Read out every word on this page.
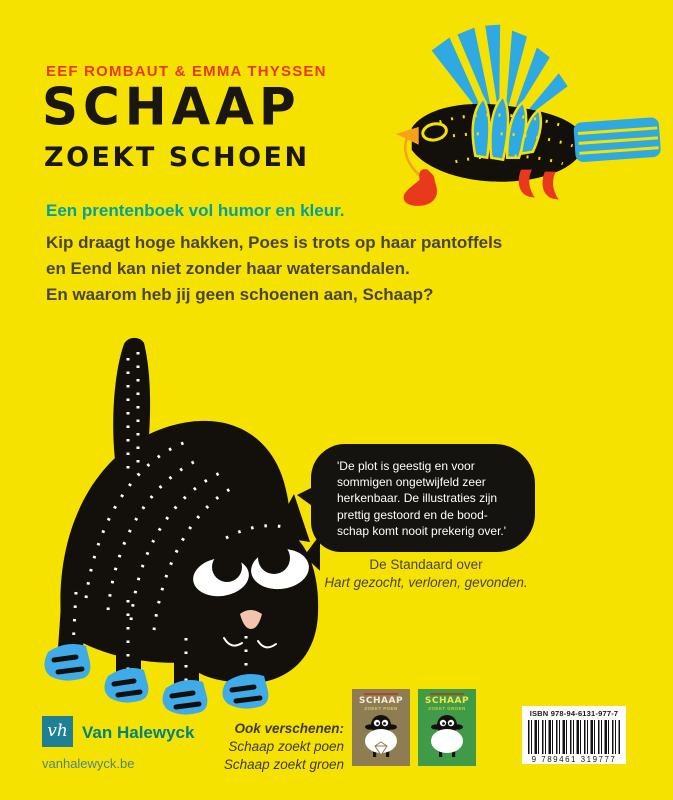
EEF ROMBAUT & EMMA THYSSEN
SCHAAP
ZOEKT SCHOEN
Een prentenboek vol humor en kleur.
Kip draagt hoge hakken, Poes is trots op haar pantoffels
en Eend kan niet zonder haar watersandalen.
En waarom heb jij geen schoenen aan, Schaap?
'De plot is geestig en voor
sommigen ongetwijfeld zeer
herkenbaar. De illustraties zijn
prettig gestoord en de bood-
schap komt nooit prekerig over.'
De Standaard over
Hart gezocht, verloren, gevonden.
Ook verschenen:
Schaap zoekt poen
Schaap zoekt groen
SCHAAP
ZOEKT POEN
SCHAAP
ZOEKT GROEN
vh Van Halewyck
vanhalewyck.be
ISBN 978-94-6131-977-7
9 789461 319777
